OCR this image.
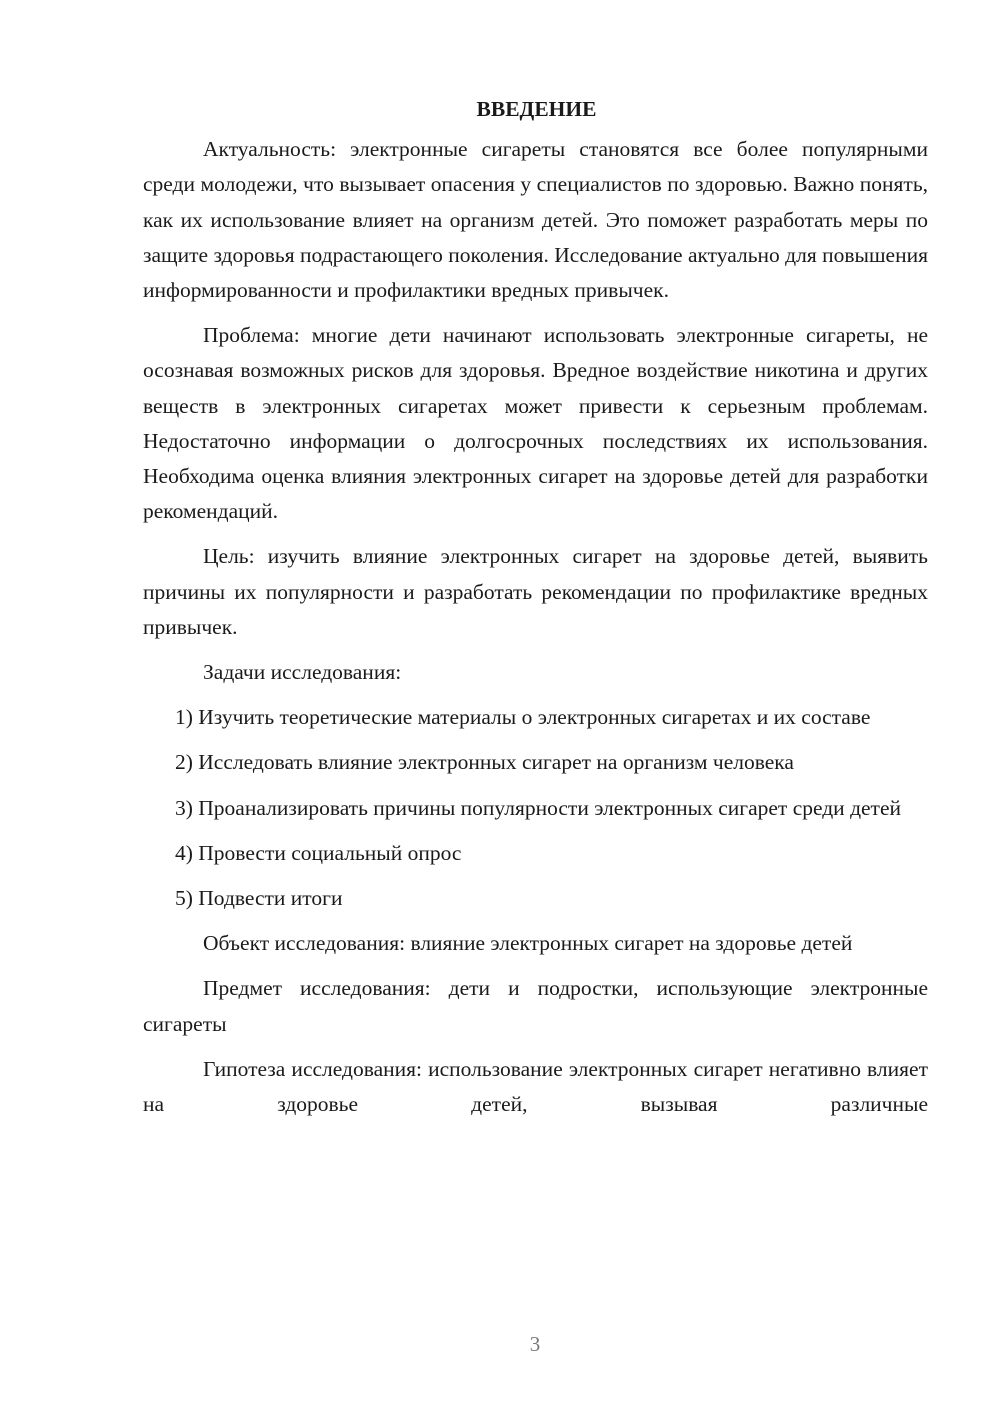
ВВЕДЕНИЕ

Актуальность: электронные сигареты становятся все более популярными среди молодежи, что вызывает опасения у специалистов по здоровью. Важно понять, как их использование влияет на организм детей. Это поможет разработать меры по защите здоровья подрастающего поколения. Исследование актуально для повышения информированности и профилактики вредных привычек.

Проблема: многие дети начинают использовать электронные сигареты, не осознавая возможных рисков для здоровья. Вредное воздействие никотина и других веществ в электронных сигаретах может привести к серьезным проблемам. Недостаточно информации о долгосрочных последствиях их использования. Необходима оценка влияния электронных сигарет на здоровье детей для разработки рекомендаций.

Цель: изучить влияние электронных сигарет на здоровье детей, выявить причины их популярности и разработать рекомендации по профилактике вредных привычек.

Задачи исследования:

1) Изучить теоретические материалы о электронных сигаретах и их составе

2) Исследовать влияние электронных сигарет на организм человека

3) Проанализировать причины популярности электронных сигарет среди детей

4) Провести социальный опрос

5) Подвести итоги

Объект исследования: влияние электронных сигарет на здоровье детей

Предмет исследования: дети и подростки, использующие электронные сигареты

Гипотеза исследования: использование электронных сигарет негативно влияет на здоровье детей, вызывая различные

3
